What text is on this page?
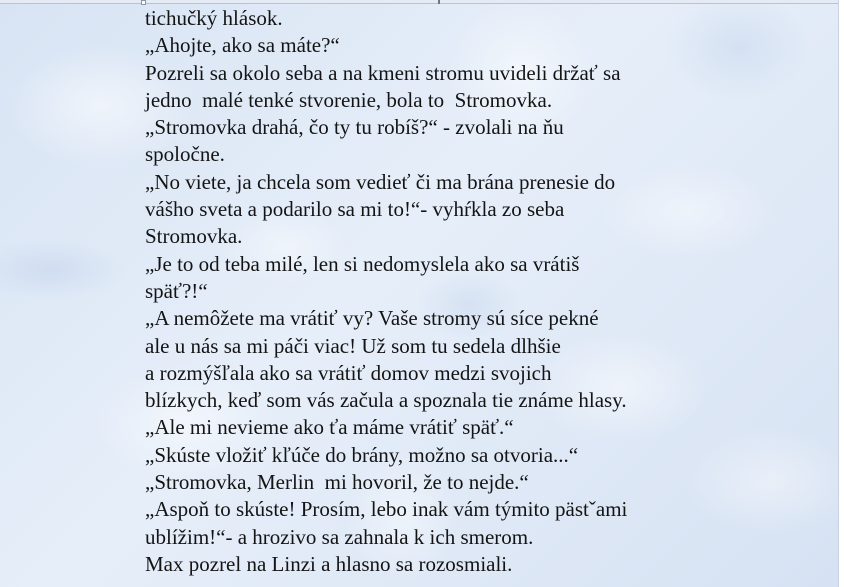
tichučký hlások.
„Ahojte, ako sa máte?“
Pozreli sa okolo seba a na kmeni stromu uvideli držať sa
jedno  malé tenké stvorenie, bola to  Stromovka.
„Stromovka drahá, čo ty tu robíš?“ - zvolali na ňu
spoločne.
„No viete, ja chcela som vedieť či ma brána prenesie do
vášho sveta a podarilo sa mi to!“- vyhŕkla zo seba
Stromovka.
„Je to od teba milé, len si nedomyslela ako sa vrátiš
späť?!“
„A nemôžete ma vrátiť vy? Vaše stromy sú síce pekné
ale u nás sa mi páči viac! Už som tu sedela dlhšie
a rozmýšľala ako sa vrátiť domov medzi svojich
blízkych, keď som vás začula a spoznala tie známe hlasy.
„Ale mi nevieme ako ťa máme vrátiť späť.“
„Skúste vložiť kľúče do brány, možno sa otvoria...“
„Stromovka, Merlin  mi hovoril, že to nejde.“
„Aspoň to skúste! Prosím, lebo inak vám týmito pästˇami
ublížim!“- a hrozivo sa zahnala k ich smerom.
Max pozrel na Linzi a hlasno sa rozosmiali.
